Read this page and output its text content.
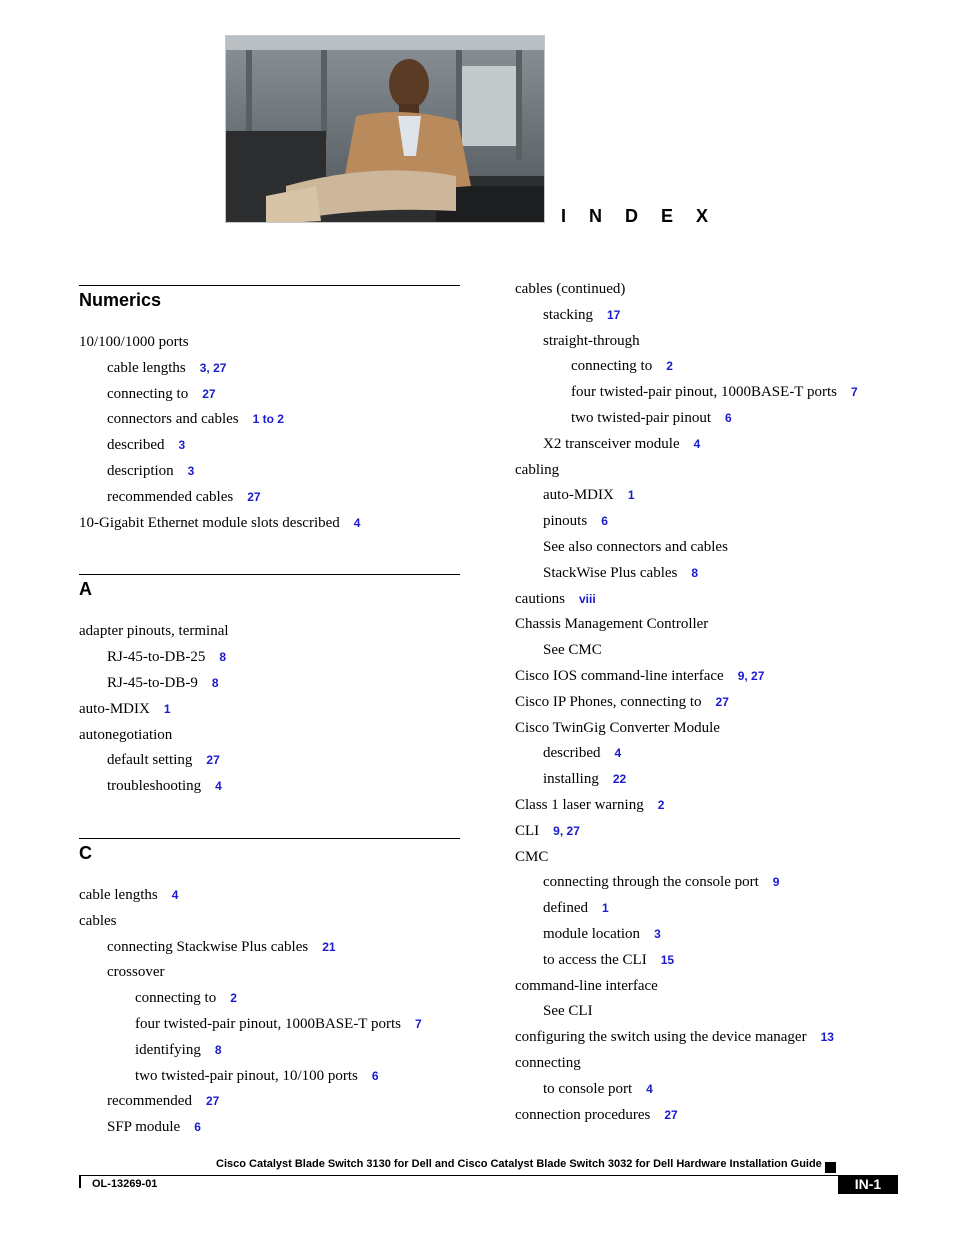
I N D E X
Numerics
10/100/1000 ports
cable lengths 3, 27
connecting to 27
connectors and cables 1 to 2
described 3
description 3
recommended cables 27
10-Gigabit Ethernet module slots described 4
A
adapter pinouts, terminal
RJ-45-to-DB-25 8
RJ-45-to-DB-9 8
auto-MDIX 1
autonegotiation
default setting 27
troubleshooting 4
C
cable lengths 4
cables
connecting Stackwise Plus cables 21
crossover
connecting to 2
four twisted-pair pinout, 1000BASE-T ports 7
identifying 8
two twisted-pair pinout, 10/100 ports 6
recommended 27
SFP module 6
cables (continued)
stacking 17
straight-through
connecting to 2
four twisted-pair pinout, 1000BASE-T ports 7
two twisted-pair pinout 6
X2 transceiver module 4
cabling
auto-MDIX 1
pinouts 6
See also connectors and cables
StackWise Plus cables 8
cautions viii
Chassis Management Controller
See CMC
Cisco IOS command-line interface 9, 27
Cisco IP Phones, connecting to 27
Cisco TwinGig Converter Module
described 4
installing 22
Class 1 laser warning 2
CLI 9, 27
CMC
connecting through the console port 9
defined 1
module location 3
to access the CLI 15
command-line interface
See CLI
configuring the switch using the device manager 13
connecting
to console port 4
connection procedures 27
Cisco Catalyst Blade Switch 3130 for Dell and Cisco Catalyst Blade Switch 3032 for Dell Hardware Installation Guide
OL-13269-01	IN-1
